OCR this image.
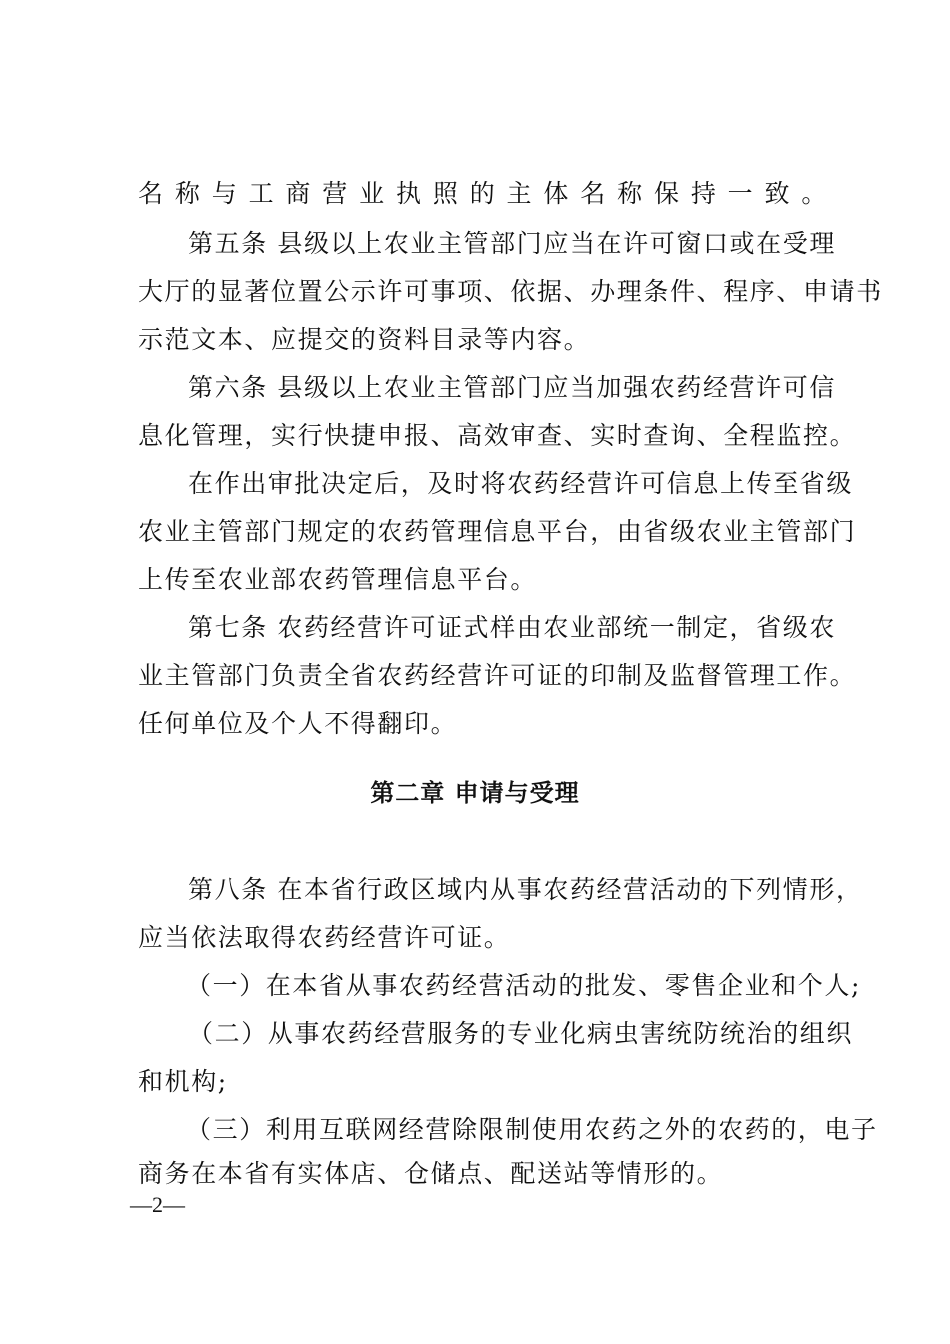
名称与工商营业执照的主体名称保持一致。
第五条 县级以上农业主管部门应当在许可窗口或在受理
大厅的显著位置公示许可事项、依据、办理条件、程序、申请书
示范文本、应提交的资料目录等内容。
第六条 县级以上农业主管部门应当加强农药经营许可信
息化管理，实行快捷申报、高效审查、实时查询、全程监控。
在作出审批决定后，及时将农药经营许可信息上传至省级
农业主管部门规定的农药管理信息平台，由省级农业主管部门
上传至农业部农药管理信息平台。
第七条 农药经营许可证式样由农业部统一制定，省级农
业主管部门负责全省农药经营许可证的印制及监督管理工作。
任何单位及个人不得翻印。
第二章 申请与受理
第八条 在本省行政区域内从事农药经营活动的下列情形，
应当依法取得农药经营许可证。
（一）在本省从事农药经营活动的批发、零售企业和个人;
（二）从事农药经营服务的专业化病虫害统防统治的组织
和机构;
（三）利用互联网经营除限制使用农药之外的农药的，电子
商务在本省有实体店、仓储点、配送站等情形的。
—2—
